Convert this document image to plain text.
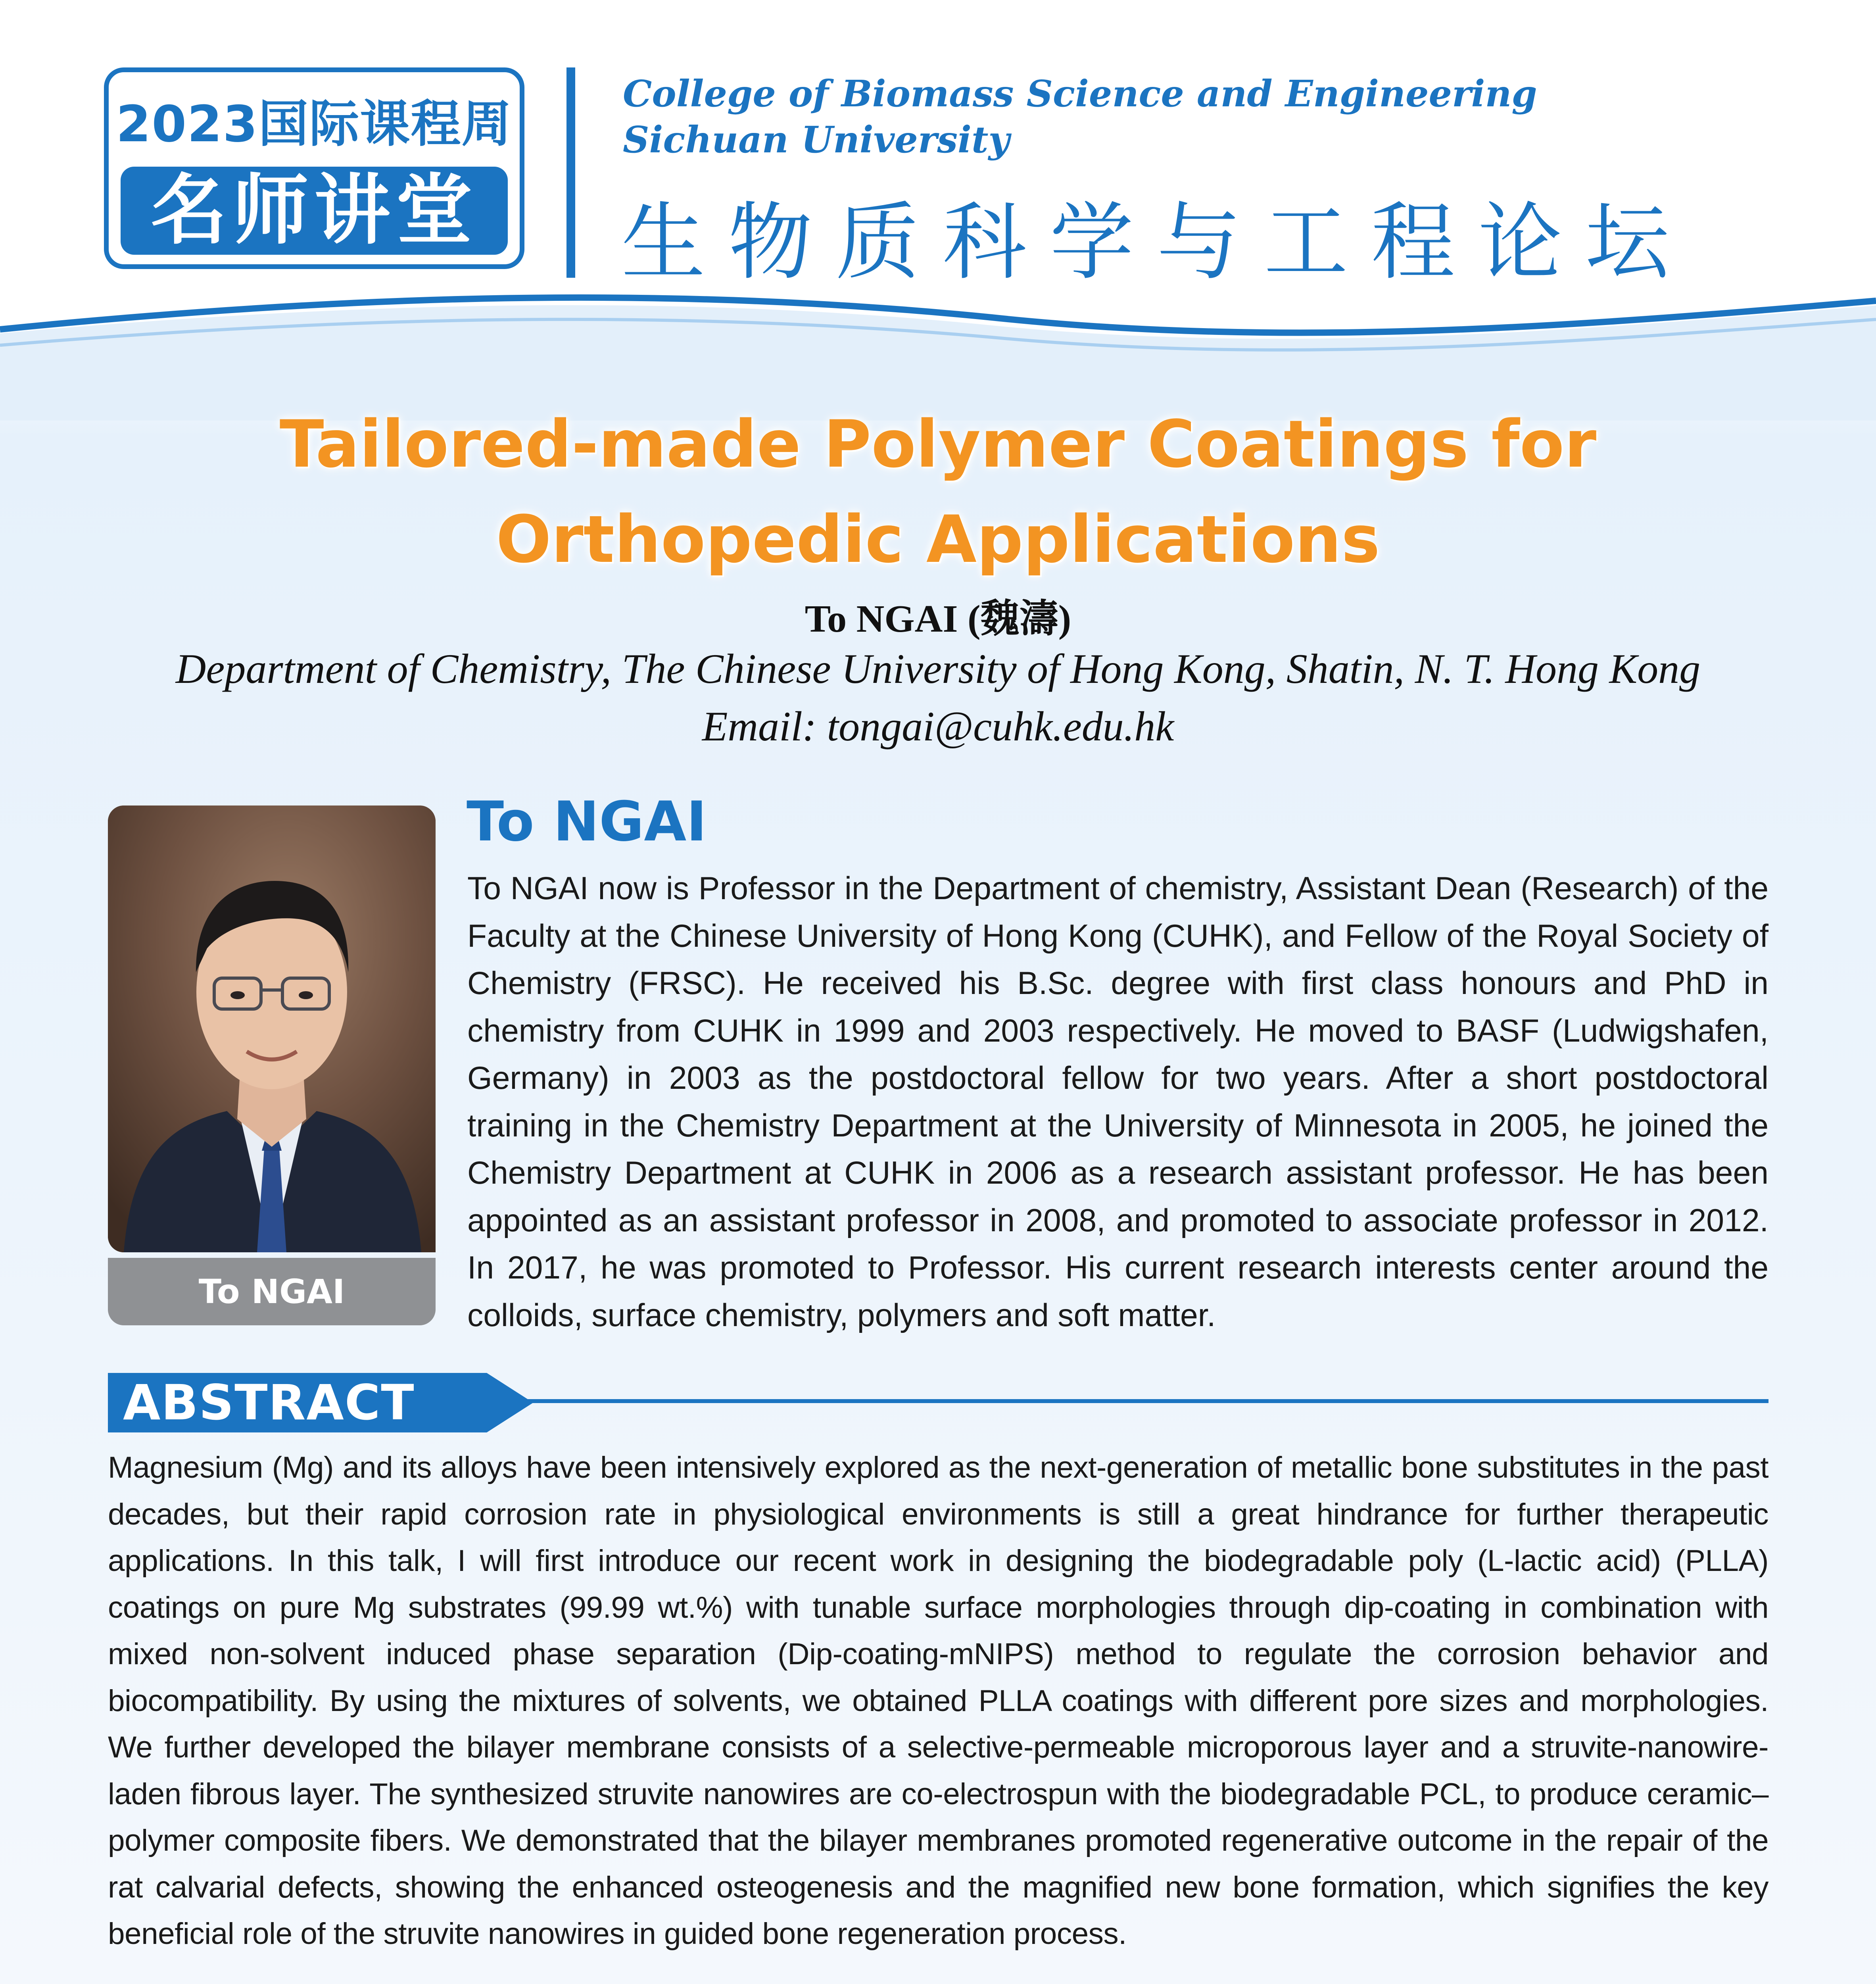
2023国际课程周
名师讲堂
College of Biomass Science and Engineering
Sichuan University
生物质科学与工程论坛
Tailored-made Polymer Coatings for
Orthopedic Applications
To NGAI (魏濤)
Department of Chemistry, The Chinese University of Hong Kong, Shatin, N. T. Hong Kong
Email: tongai@cuhk.edu.hk
To NGAI
To NGAI
To NGAI now is Professor in the Department of chemistry, Assistant Dean (Research) of the Faculty at the Chinese University of Hong Kong (CUHK), and Fellow of the Royal Society of Chemistry (FRSC). He received his B.Sc. degree with first class honours and PhD in chemistry from CUHK in 1999 and 2003 respectively. He moved to BASF (Ludwigshafen, Germany) in 2003 as the postdoctoral fellow for two years. After a short postdoctoral training in the Chemistry Department at the University of Minnesota in 2005, he joined the Chemistry Department at CUHK in 2006 as a research assistant professor. He has been appointed as an assistant professor in 2008, and promoted to associate professor in 2012. In 2017, he was promoted to Professor. His current research interests center around the colloids, surface chemistry, polymers and soft matter.
ABSTRACT
Magnesium (Mg) and its alloys have been intensively explored as the next-generation of metallic bone substitutes in the past decades, but their rapid corrosion rate in physiological environments is still a great hindrance for further therapeutic applications. In this talk, I will first introduce our recent work in designing the biodegradable poly (L-lactic acid) (PLLA) coatings on pure Mg substrates (99.99 wt.%) with tunable surface morphologies through dip-coating in combination with mixed non-solvent induced phase separation (Dip-coating-mNIPS) method to regulate the corrosion behavior and biocompatibility. By using the mixtures of solvents, we obtained PLLA coatings with different pore sizes and morphologies. We further developed the bilayer membrane consists of a selective-permeable microporous layer and a struvite-nanowire-laden fibrous layer. The synthesized struvite nanowires are co-electrospun with the biodegradable PCL, to produce ceramic–polymer composite fibers. We demonstrated that the bilayer membranes promoted regenerative outcome in the repair of the rat calvarial defects, showing the enhanced osteogenesis and the magnified new bone formation, which signifies the key beneficial role of the struvite nanowires in guided bone regeneration process.
